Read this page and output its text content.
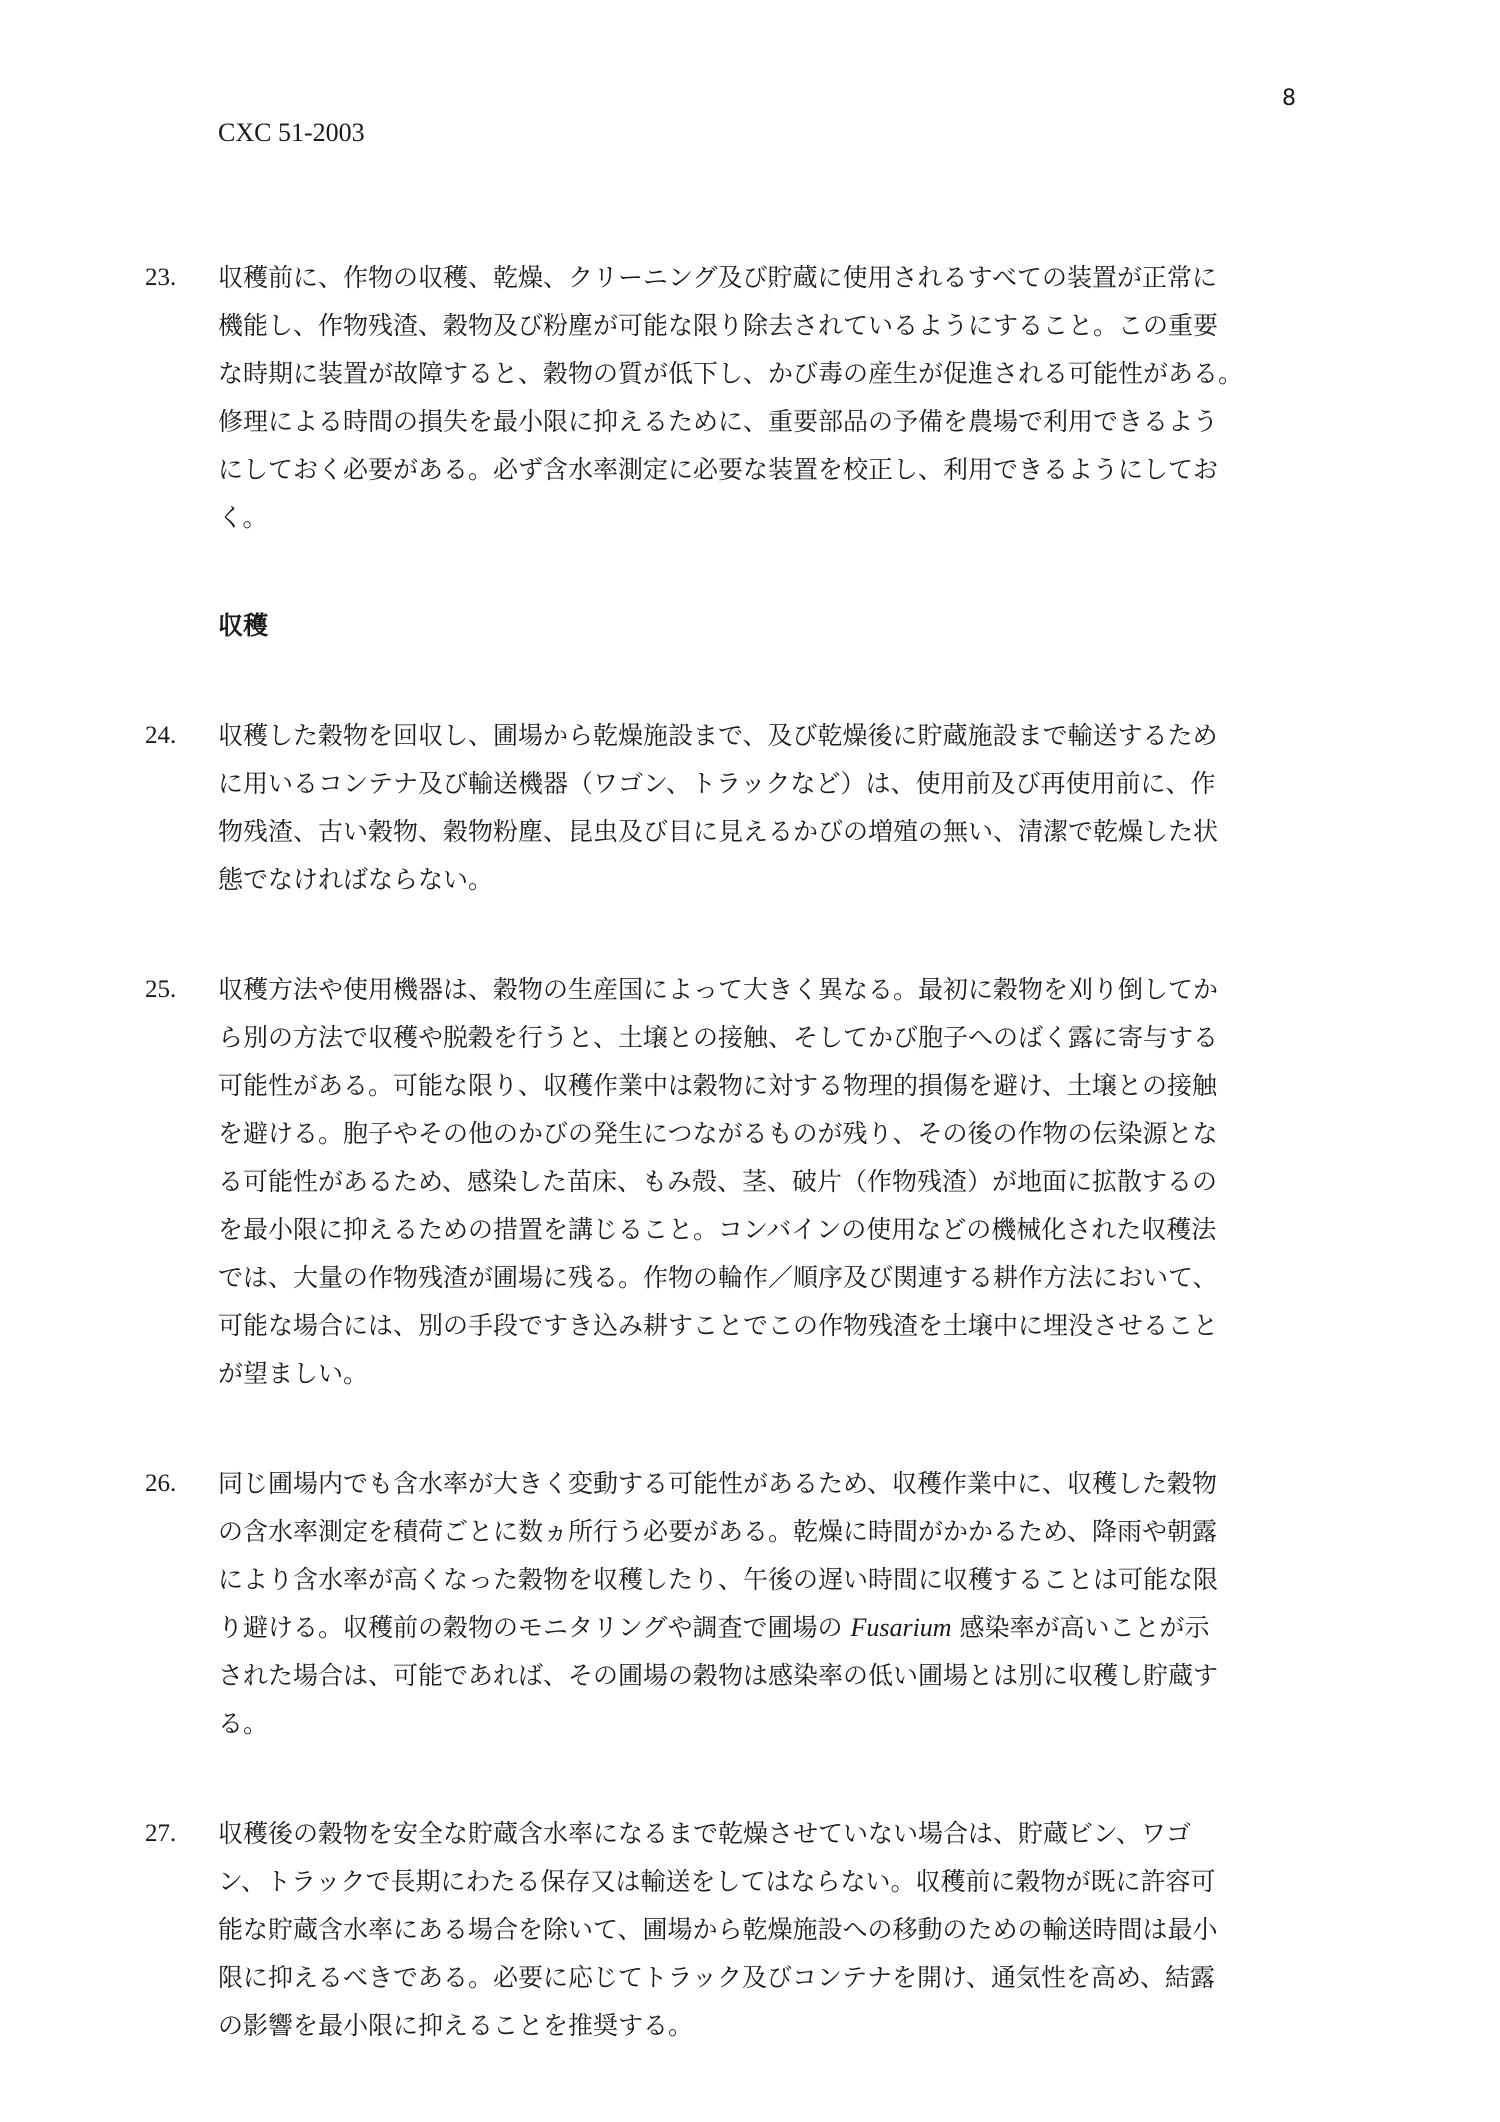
8
CXC 51-2003
23. 収穫前に、作物の収穫、乾燥、クリーニング及び貯蔵に使用されるすべての装置が正常に
機能し、作物残渣、穀物及び粉塵が可能な限り除去されているようにすること。この重要
な時期に装置が故障すると、穀物の質が低下し、かび毒の産生が促進される可能性がある。
修理による時間の損失を最小限に抑えるために、重要部品の予備を農場で利用できるよう
にしておく必要がある。必ず含水率測定に必要な装置を校正し、利用できるようにしてお
く。
収穫
24. 収穫した穀物を回収し、圃場から乾燥施設まで、及び乾燥後に貯蔵施設まで輸送するため
に用いるコンテナ及び輸送機器（ワゴン、トラックなど）は、使用前及び再使用前に、作
物残渣、古い穀物、穀物粉塵、昆虫及び目に見えるかびの増殖の無い、清潔で乾燥した状
態でなければならない。
25. 収穫方法や使用機器は、穀物の生産国によって大きく異なる。最初に穀物を刈り倒してか
ら別の方法で収穫や脱穀を行うと、土壌との接触、そしてかび胞子へのばく露に寄与する
可能性がある。可能な限り、収穫作業中は穀物に対する物理的損傷を避け、土壌との接触
を避ける。胞子やその他のかびの発生につながるものが残り、その後の作物の伝染源とな
る可能性があるため、感染した苗床、もみ殻、茎、破片（作物残渣）が地面に拡散するの
を最小限に抑えるための措置を講じること。コンバインの使用などの機械化された収穫法
では、大量の作物残渣が圃場に残る。作物の輪作／順序及び関連する耕作方法において、
可能な場合には、別の手段ですき込み耕すことでこの作物残渣を土壌中に埋没させること
が望ましい。
26. 同じ圃場内でも含水率が大きく変動する可能性があるため、収穫作業中に、収穫した穀物
の含水率測定を積荷ごとに数ヵ所行う必要がある。乾燥に時間がかかるため、降雨や朝露
により含水率が高くなった穀物を収穫したり、午後の遅い時間に収穫することは可能な限
り避ける。収穫前の穀物のモニタリングや調査で圃場の Fusarium 感染率が高いことが示
された場合は、可能であれば、その圃場の穀物は感染率の低い圃場とは別に収穫し貯蔵す
る。
27. 収穫後の穀物を安全な貯蔵含水率になるまで乾燥させていない場合は、貯蔵ビン、ワゴ
ン、トラックで長期にわたる保存又は輸送をしてはならない。収穫前に穀物が既に許容可
能な貯蔵含水率にある場合を除いて、圃場から乾燥施設への移動のための輸送時間は最小
限に抑えるべきである。必要に応じてトラック及びコンテナを開け、通気性を高め、結露
の影響を最小限に抑えることを推奨する。
